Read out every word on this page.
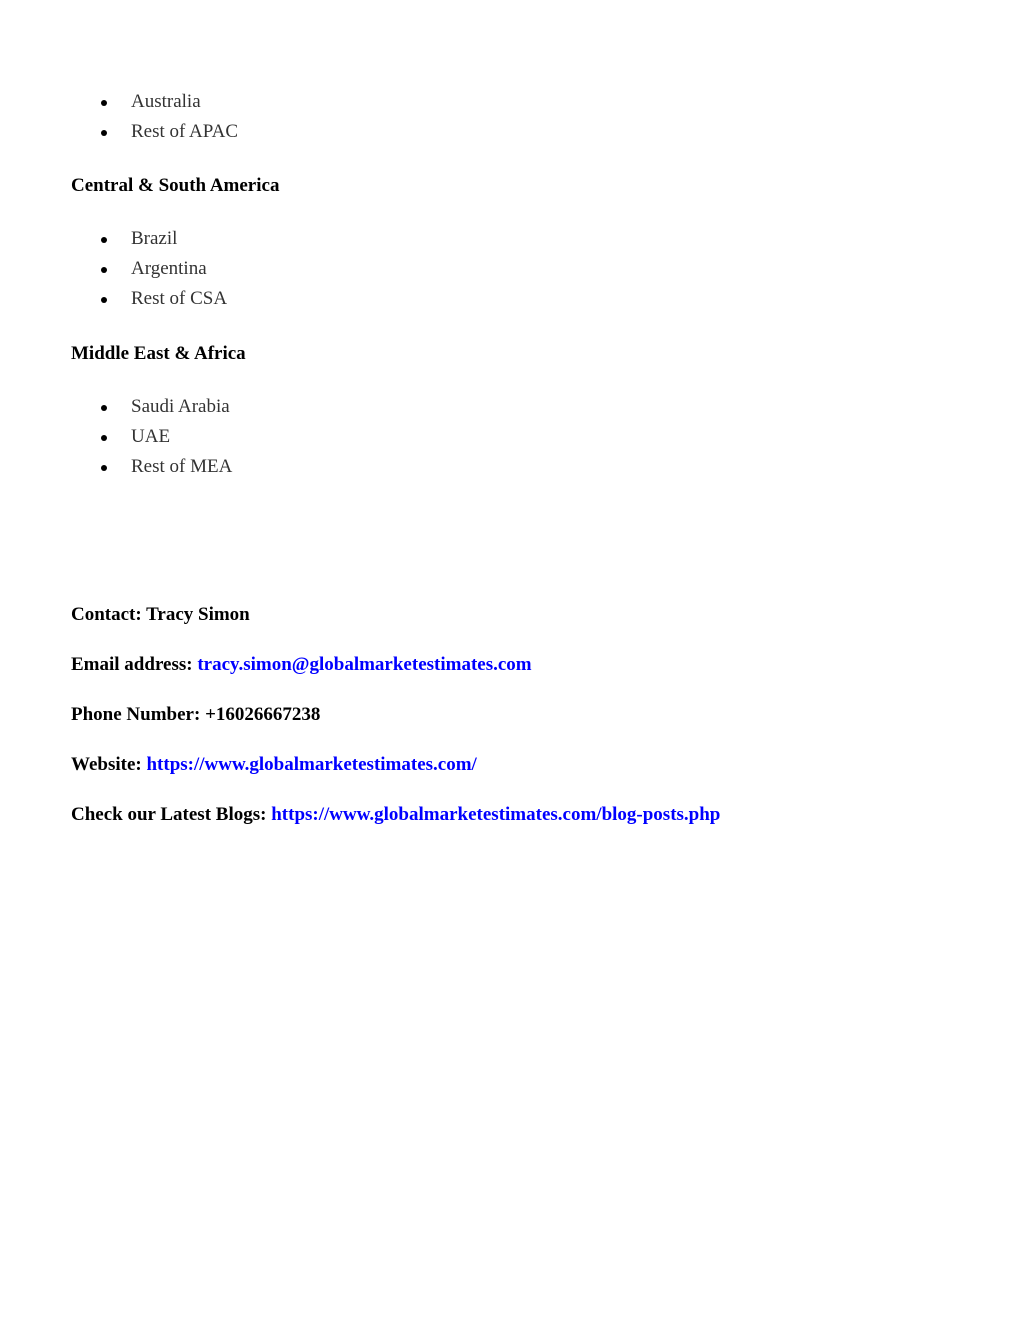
Australia
Rest of APAC
Central & South America
Brazil
Argentina
Rest of CSA
Middle East & Africa
Saudi Arabia
UAE
Rest of MEA
Contact: Tracy Simon
Email address: tracy.simon@globalmarketestimates.com
Phone Number: +16026667238
Website: https://www.globalmarketestimates.com/
Check our Latest Blogs: https://www.globalmarketestimates.com/blog-posts.php
